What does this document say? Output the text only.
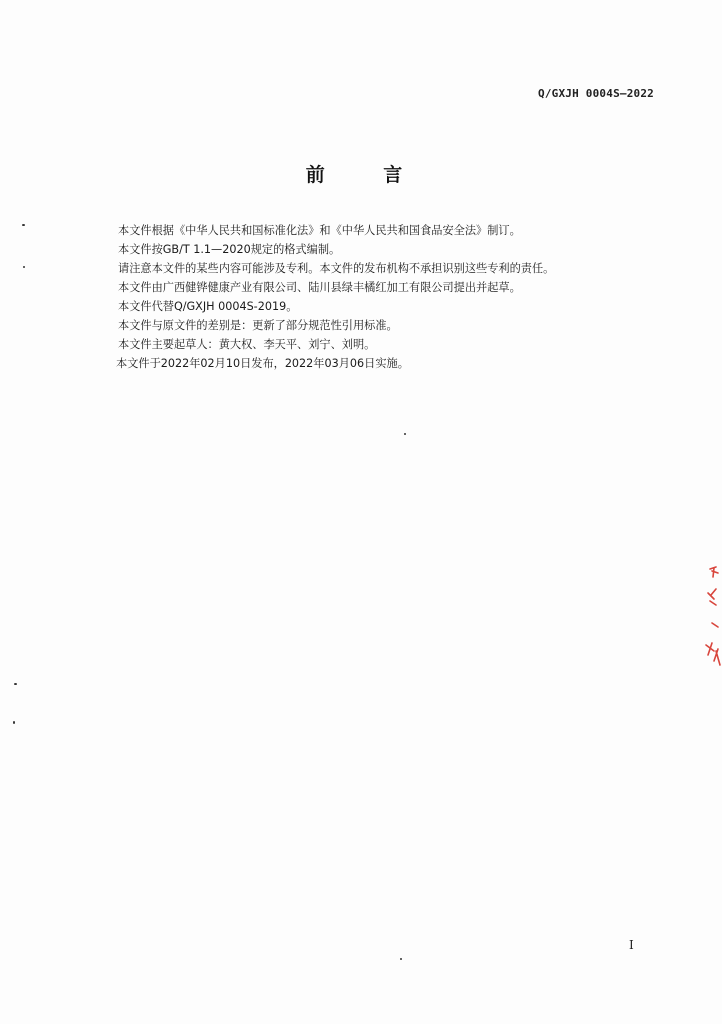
Q/GXJH 0004S—2022
前 言
本文件根据《中华人民共和国标准化法》和《中华人民共和国食品安全法》制订。
本文件按GB/T 1.1—2020规定的格式编制。
请注意本文件的某些内容可能涉及专利。本文件的发布机构不承担识别这些专利的责任。
本文件由广西健铧健康产业有限公司、陆川县绿丰橘红加工有限公司提出并起草。
本文件代替Q/GXJH 0004S-2019。
本文件与原文件的差别是：更新了部分规范性引用标准。
本文件主要起草人：黄大权、李天平、刘宁、刘明。
本文件于2022年02月10日发布，2022年03月06日实施。
I
